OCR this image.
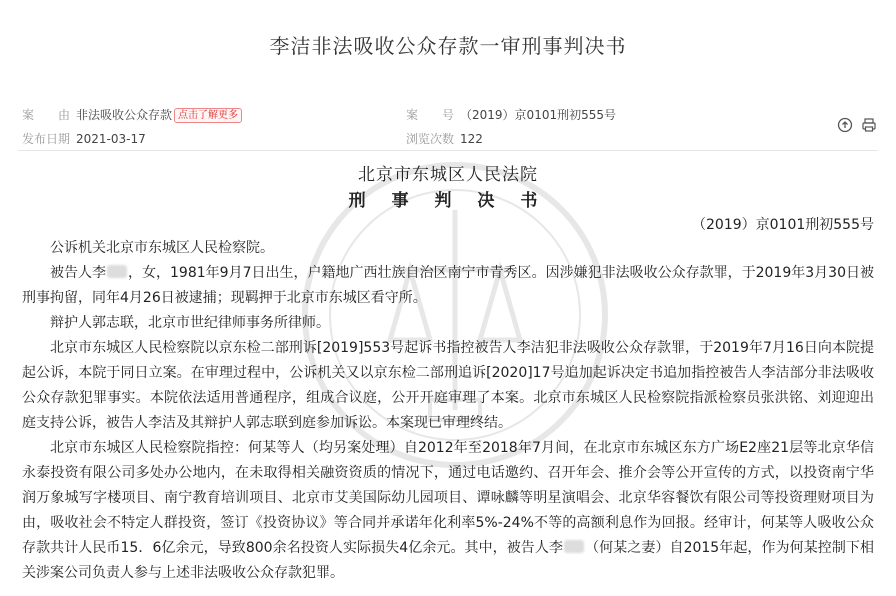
李洁非法吸收公众存款一审刑事判决书
案　　由 非法吸收公众存款 点击了解更多	案　　号 （2019）京0101刑初555号
发布日期 2021-03-17	浏览次数 122
北京市东城区人民法院
刑 事 判 决 书
（2019）京0101刑初555号

公诉机关北京市东城区人民检察院。

被告人李 ，女，1981年9月7日出生，户籍地广西壮族自治区南宁市青秀区。因涉嫌犯非法吸收公众存款罪，于2019年3月30日被刑事拘留，同年4月26日被逮捕；现羁押于北京市东城区看守所。

辩护人郭志联，北京市世纪律师事务所律师。

北京市东城区人民检察院以京东检二部刑诉[2019]553号起诉书指控被告人李洁犯非法吸收公众存款罪，于2019年7月16日向本院提起公诉，本院于同日立案。在审理过程中，公诉机关又以京东检二部刑追诉[2020]17号追加起诉决定书追加指控被告人李洁部分非法吸收公众存款犯罪事实。本院依法适用普通程序，组成合议庭，公开开庭审理了本案。北京市东城区人民检察院指派检察员张洪铭、刘迎迎出庭支持公诉，被告人李洁及其辩护人郭志联到庭参加诉讼。本案现已审理终结。

北京市东城区人民检察院指控：何某等人（均另案处理）自2012年至2018年7月间，在北京市东城区东方广场E2座21层等北京华信永泰投资有限公司多处办公地内，在未取得相关融资资质的情况下，通过电话邀约、召开年会、推介会等公开宣传的方式，以投资南宁华润万象城写字楼项目、南宁教育培训项目、北京市艾美国际幼儿园项目、谭咏麟等明星演唱会、北京华容餐饮有限公司等投资理财项目为由，吸收社会不特定人群投资，签订《投资协议》等合同并承诺年化利率5%-24%不等的高额利息作为回报。经审计，何某等人吸收公众存款共计人民币15．6亿余元，导致800余名投资人实际损失4亿余元。其中，被告人李 （何某之妻）自2015年起，作为何某控制下相关涉案公司负责人参与上述非法吸收公众存款犯罪。
